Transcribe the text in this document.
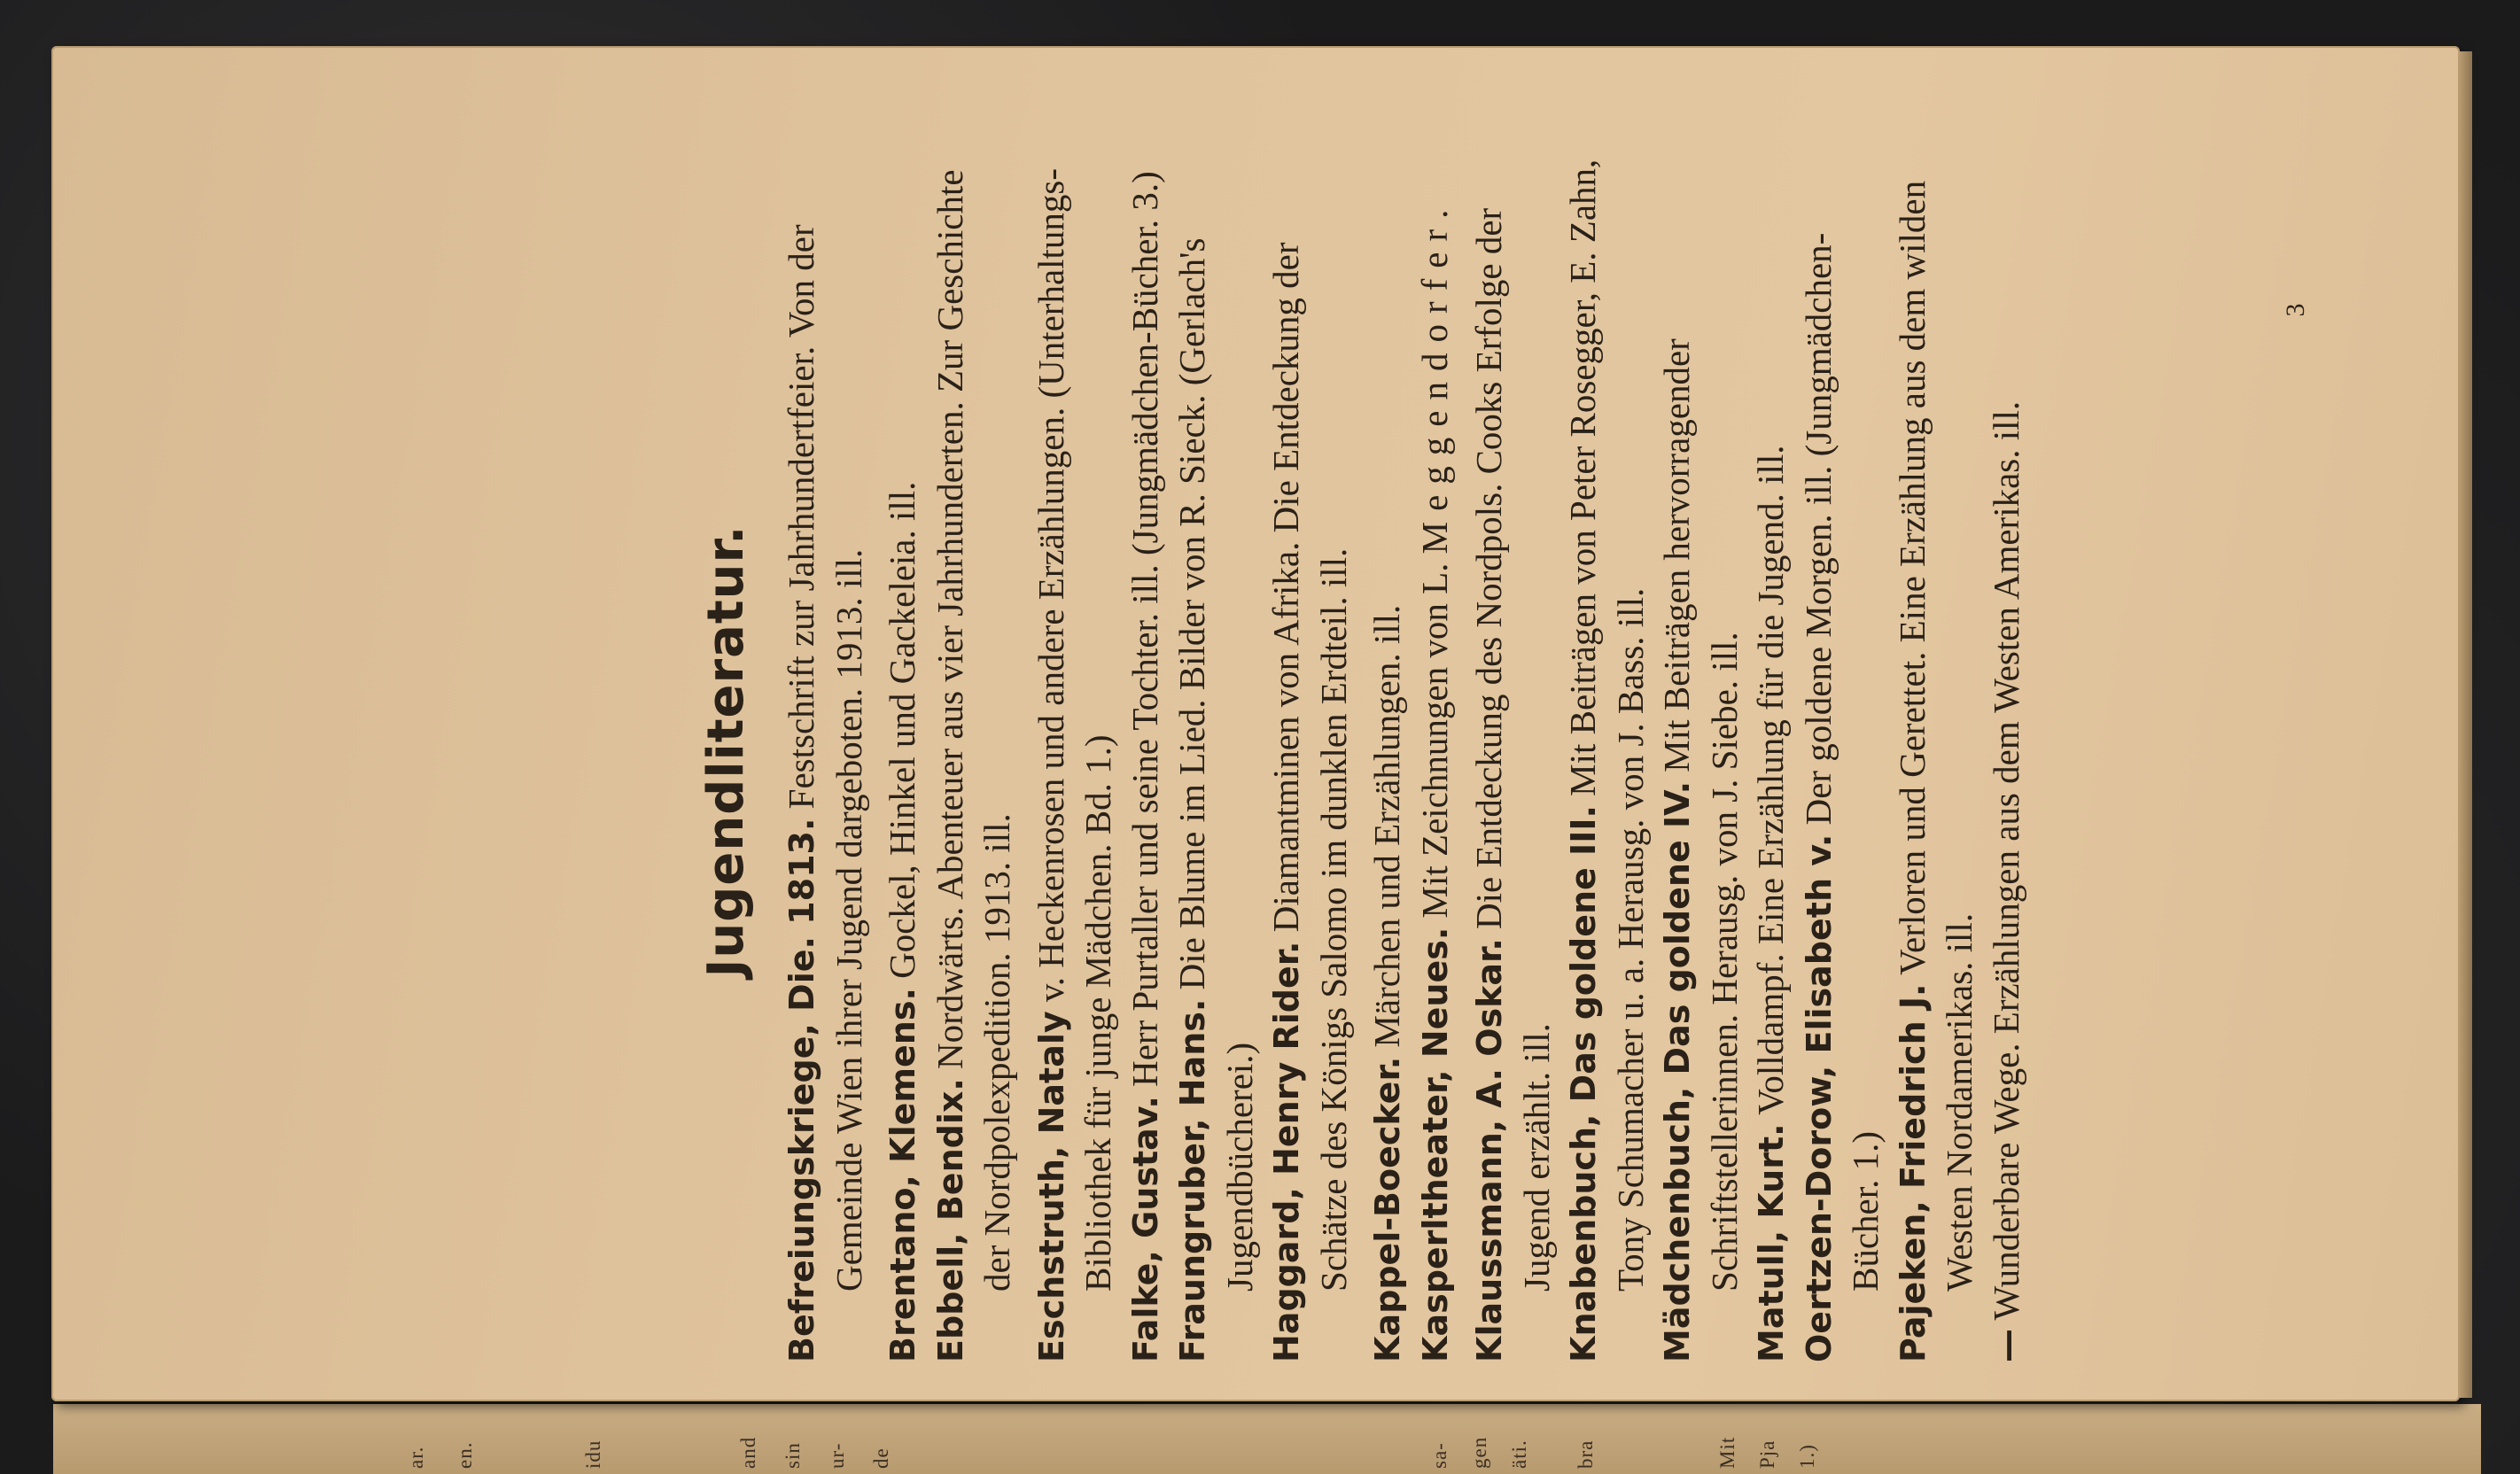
ar. en.	idu	and sin ur- de	sa- gen äti. bra	Mit Pja 1.)
Jugendliteratur.

Befreiungskriege, Die. 1813. Festschrift zur Jahrhundertfeier. Von der Gemeinde Wien ihrer Jugend dargeboten. 1913. ill. Brentano, Klemens. Gockel, Hinkel und Gackeleia. ill.

Ebbell, Bendix. Nordwärts. Abenteuer aus vier Jahrhunderten. Zur Geschichte der Nordpolexpedition. 1913. ill. Eschstruth, Nataly v. Heckenrosen und andere Erzählungen. (Unterhaltungs-Bibliothek für junge Mädchen. Bd. 1.) Falke, Gustav. Herr Purtaller und seine Tochter. ill. (Jungmädchen-Bücher. 3.)

Fraungruber, Hans. Die Blume im Lied. Bilder von R. Sieck. (Gerlach's Jugendbücherei.) Haggard, Henry Rider. Diamantminen von Afrika. Die Entdeckung der Schätze des Königs Salomo im dunklen Erdteil. ill. Kappel-Boecker. Märchen und Erzählungen. ill.

Kasperltheater, Neues. Mit Zeichnungen von L. Meggendorfer.

Klaussmann, A. Oskar. Die Entdeckung des Nordpols. Cooks Erfolge der Jugend erzählt. ill. Knabenbuch, Das goldene III. Mit Beiträgen von Peter Rosegger, E. Zahn, Tony Schumacher u. a. Herausg. von J. Bass. ill. Mädchenbuch, Das goldene IV. Mit Beiträgen hervorragender Schriftstellerinnen. Herausg. von J. Siebe. ill. Matull, Kurt. Volldampf. Eine Erzählung für die Jugend. ill. Oertzen-Dorow, Elisabeth v. Der goldene Morgen. ill. (Jungmädchen-Bücher. 1.) Pajeken, Friedrich J. Verloren und Gerettet. Eine Erzählung aus dem wilden Westen Nordamerikas. ill.

— Wunderbare Wege. Erzählungen aus dem Westen Amerikas. ill.

3
